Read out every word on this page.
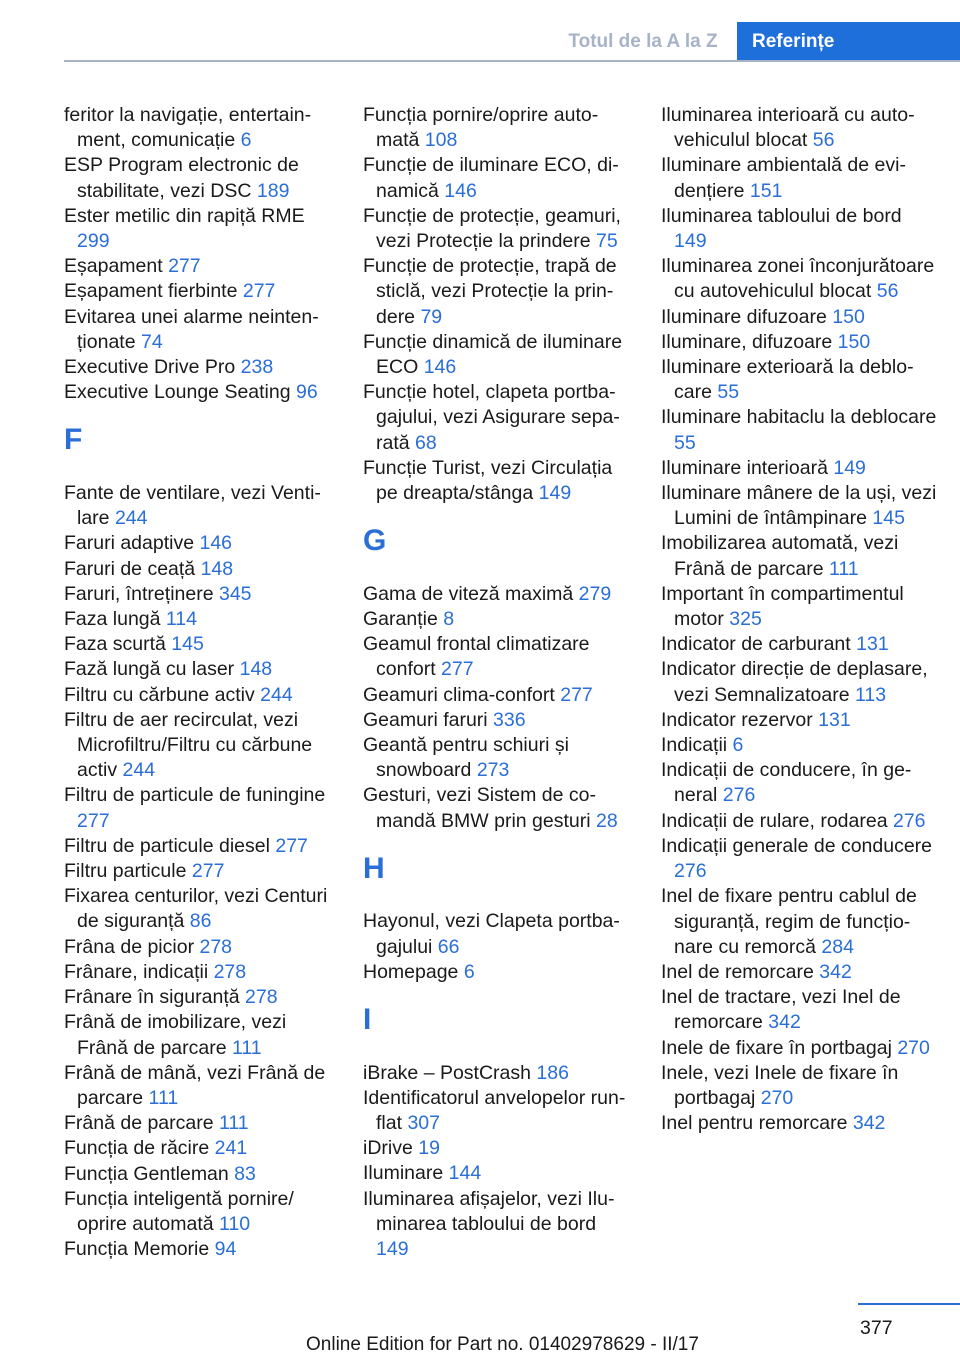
Totul de la A la Z	Referințe
feritor la navigație, entertainment, comunicație 6
ESP Program electronic de stabilitate, vezi DSC 189
Ester metilic din rapiță RME 299
Eșapament 277
Eșapament fierbinte 277
Evitarea unei alarme neintenționate 74
Executive Drive Pro 238
Executive Lounge Seating 96
F
Fante de ventilare, vezi Ventilare 244
Faruri adaptive 146
Faruri de ceață 148
Faruri, întreținere 345
Faza lungă 114
Faza scurtă 145
Fază lungă cu laser 148
Filtru cu cărbune activ 244
Filtru de aer recirculat, vezi Microfiltru/Filtru cu cărbune activ 244
Filtru de particule de funingine 277
Filtru de particule diesel 277
Filtru particule 277
Fixarea centurilor, vezi Centuri de siguranță 86
Frâna de picior 278
Frânare, indicații 278
Frânare în siguranță 278
Frână de imobilizare, vezi Frână de parcare 111
Frână de mână, vezi Frână de parcare 111
Frână de parcare 111
Funcția de răcire 241
Funcția Gentleman 83
Funcția inteligentă pornire/ oprire automată 110
Funcția Memorie 94
Funcția pornire/oprire automată 108
Funcție de iluminare ECO, dinamică 146
Funcție de protecție, geamuri, vezi Protecție la prindere 75
Funcție de protecție, trapă de sticlă, vezi Protecție la prindere 79
Funcție dinamică de iluminare ECO 146
Funcție hotel, clapeta portbagajului, vezi Asigurare separată 68
Funcție Turist, vezi Circulația pe dreapta/stânga 149
G
Gama de viteză maximă 279
Garanție 8
Geamul frontal climatizare confort 277
Geamuri clima-confort 277
Geamuri faruri 336
Geantă pentru schiuri și snowboard 273
Gesturi, vezi Sistem de comandă BMW prin gesturi 28
H
Hayonul, vezi Clapeta portbagajului 66
Homepage 6
I
iBrake – PostCrash 186
Identificatorul anvelopelor run-flat 307
iDrive 19
Iluminare 144
Iluminarea afișajelor, vezi Iluminarea tabloului de bord 149
Iluminarea interioară cu autovehiculul blocat 56
Iluminare ambientală de evidențiere 151
Iluminarea tabloului de bord 149
Iluminarea zonei înconjurătoare cu autovehiculul blocat 56
Iluminare difuzoare 150
Iluminare, difuzoare 150
Iluminare exterioară la deblocare 55
Iluminare habitaclu la deblocare 55
Iluminare interioară 149
Iluminare mânere de la uși, vezi Lumini de întâmpinare 145
Imobilizarea automată, vezi Frână de parcare 111
Important în compartimentul motor 325
Indicator de carburant 131
Indicator direcție de deplasare, vezi Semnalizatoare 113
Indicator rezervor 131
Indicații 6
Indicații de conducere, în general 276
Indicații de rulare, rodarea 276
Indicații generale de conducere 276
Inel de fixare pentru cablul de siguranță, regim de funcționare cu remorcă 284
Inel de remorcare 342
Inel de tractare, vezi Inel de remorcare 342
Inele de fixare în portbagaj 270
Inele, vezi Inele de fixare în portbagaj 270
Inel pentru remorcare 342
377
Online Edition for Part no. 01402978629 - II/17
